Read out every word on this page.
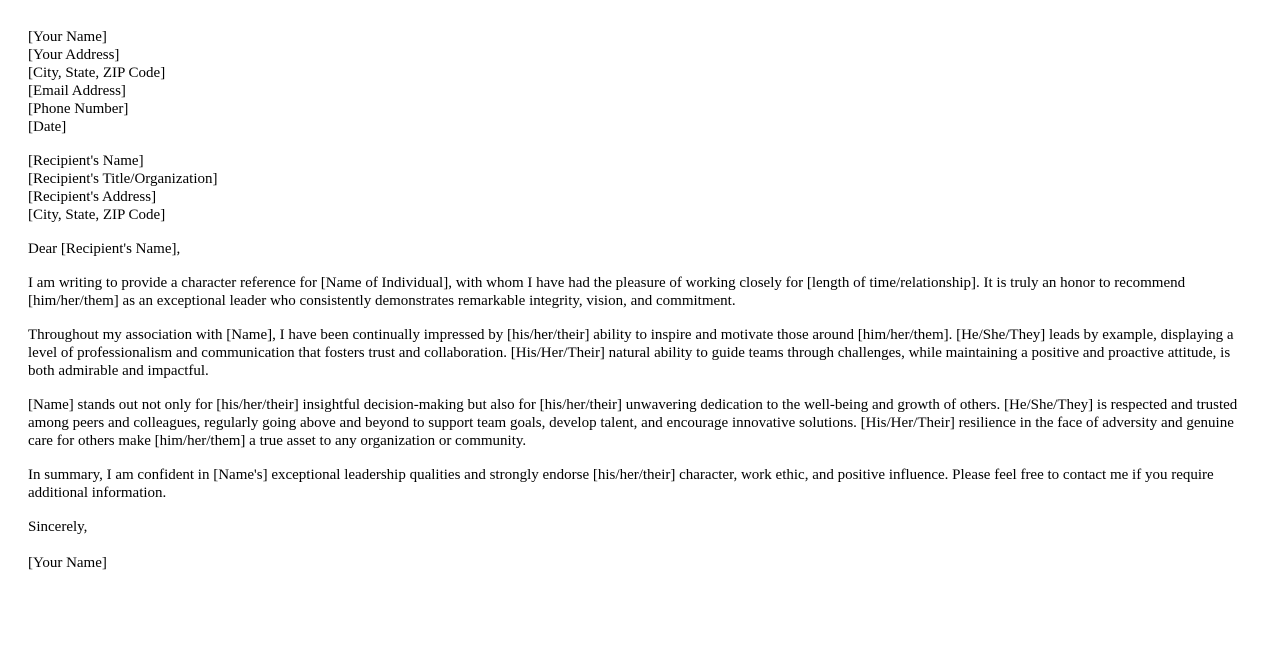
[Your Name]
[Your Address]
[City, State, ZIP Code]
[Email Address]
[Phone Number]
[Date]
[Recipient's Name]
[Recipient's Title/Organization]
[Recipient's Address]
[City, State, ZIP Code]

Dear [Recipient's Name],

I am writing to provide a character reference for [Name of Individual], with whom I have had the pleasure of working closely for [length of time/relationship]. It is truly an honor to recommend [him/her/them] as an exceptional leader who consistently demonstrates remarkable integrity, vision, and commitment.

Throughout my association with [Name], I have been continually impressed by [his/her/their] ability to inspire and motivate those around [him/her/them]. [He/She/They] leads by example, displaying a level of professionalism and communication that fosters trust and collaboration. [His/Her/Their] natural ability to guide teams through challenges, while maintaining a positive and proactive attitude, is both admirable and impactful.

[Name] stands out not only for [his/her/their] insightful decision-making but also for [his/her/their] unwavering dedication to the well-being and growth of others. [He/She/They] is respected and trusted among peers and colleagues, regularly going above and beyond to support team goals, develop talent, and encourage innovative solutions. [His/Her/Their] resilience in the face of adversity and genuine care for others make [him/her/them] a true asset to any organization or community.

In summary, I am confident in [Name's] exceptional leadership qualities and strongly endorse [his/her/their] character, work ethic, and positive influence. Please feel free to contact me if you require additional information.

Sincerely,

[Your Name]
